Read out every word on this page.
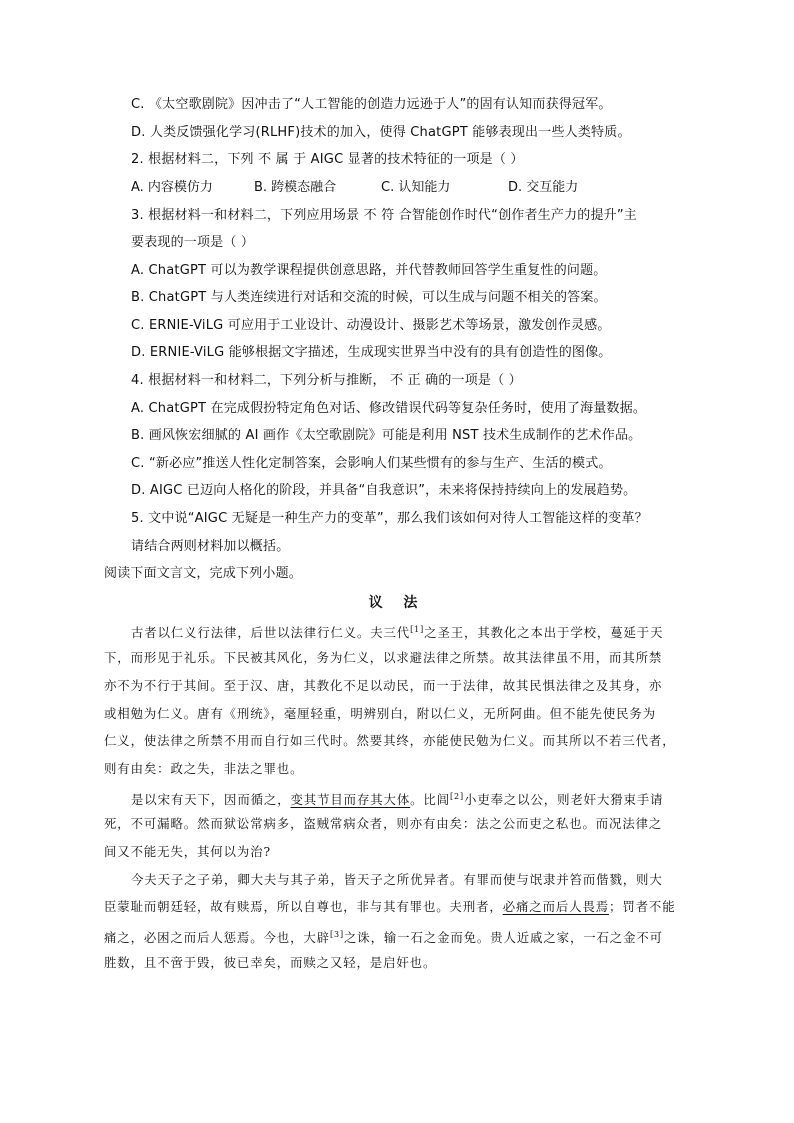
C. 《太空歌剧院》因冲击了“人工智能的创造力远逊于人”的固有认知而获得冠军。
D. 人类反馈强化学习(RLHF)技术的加入，使得 ChatGPT 能够表现出一些人类特质。
2. 根据材料二，下列 不 属 于 AIGC 显著的技术特征的一项是（ ）
A. 内容模仿力	B. 跨模态融合	C. 认知能力	D. 交互能力
3. 根据材料一和材料二，下列应用场景 不 符 合智能创作时代“创作者生产力的提升”主
要表现的一项是（ ）
A. ChatGPT 可以为教学课程提供创意思路，并代替教师回答学生重复性的问题。
B. ChatGPT 与人类连续进行对话和交流的时候，可以生成与问题不相关的答案。
C. ERNIE-ViLG 可应用于工业设计、动漫设计、摄影艺术等场景，激发创作灵感。
D. ERNIE-ViLG 能够根据文字描述，生成现实世界当中没有的具有创造性的图像。
4. 根据材料一和材料二，下列分析与推断， 不 正 确的一项是（ ）
A. ChatGPT 在完成假扮特定角色对话、修改错误代码等复杂任务时，使用了海量数据。
B. 画风恢宏细腻的 AI 画作《太空歌剧院》可能是利用 NST 技术生成制作的艺术作品。
C. “新必应”推送人性化定制答案，会影响人们某些惯有的参与生产、生活的模式。
D. AIGC 已迈向人格化的阶段，并具备“自我意识”，未来将保持持续向上的发展趋势。
5. 文中说“AIGC 无疑是一种生产力的变革”，那么我们该如何对待人工智能这样的变革？
请结合两则材料加以概括。
阅读下面文言文，完成下列小题。
议 法
古者以仁义行法律，后世以法律行仁义。夫三代[1]之圣王，其教化之本出于学校，蔓延于天
下，而形见于礼乐。下民被其风化，务为仁义，以求避法律之所禁。故其法律虽不用，而其所禁
亦不为不行于其间。至于汉、唐，其教化不足以动民，而一于法律，故其民惧法律之及其身，亦
或相勉为仁义。唐有《刑统》，毫厘轻重，明辨别白，附以仁义，无所阿曲。但不能先使民务为
仁义，使法律之所禁不用而自行如三代时。然要其终，亦能使民勉为仁义。而其所以不若三代者，
则有由矣：政之失，非法之罪也。
是以宋有天下，因而循之，变其节目而存其大体。比闾[2]小吏奉之以公，则老奸大猾束手请
死，不可漏略。然而狱讼常病多，盗贼常病众者，则亦有由矣：法之公而吏之私也。而况法律之
间又不能无失，其何以为治?
今夫天子之子弟，卿大夫与其子弟，皆天子之所优异者。有罪而使与氓隶并笞而偕戮，则大
臣蒙耻而朝廷轻，故有赎焉，所以自尊也，非与其有罪也。夫刑者，必痛之而后人畏焉；罚者不能
痛之，必困之而后人惩焉。今也，大辟[3]之诛，输一石之金而免。贵人近戚之家，一石之金不可
胜数，且不啻于毁，彼已幸矣，而赎之又轻，是启奸也。
